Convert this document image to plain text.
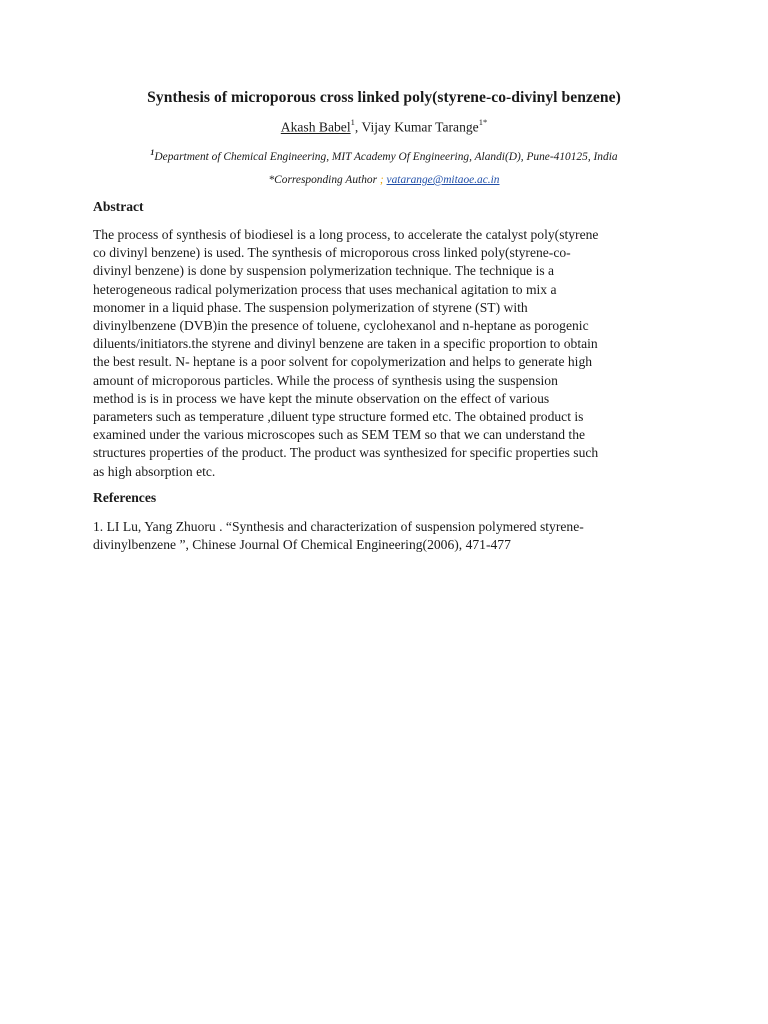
Synthesis of microporous cross linked poly(styrene-co-divinyl benzene)
Akash Babel$^1$, Vijay Kumar Tarange$^{1*}$
$^1$Department of Chemical Engineering, MIT Academy Of Engineering, Alandi(D), Pune-410125, India
*Corresponding Author ; vatarange@mitaoe.ac.in
Abstract
The process of synthesis of biodiesel is a long process, to accelerate the catalyst poly(styrene
co divinyl benzene) is used. The synthesis of microporous cross linked poly(styrene-co-
divinyl benzene) is done by suspension polymerization technique. The technique is a
heterogeneous radical polymerization process that uses mechanical agitation to mix a
monomer in a liquid phase. The suspension polymerization of styrene (ST) with
divinylbenzene (DVB)in the presence of toluene, cyclohexanol and n-heptane as porogenic
diluents/initiators.the styrene and divinyl benzene are taken in a specific proportion to obtain
the best result. N- heptane is a poor solvent for copolymerization and helps to generate high
amount of microporous particles. While the process of synthesis using the suspension
method is is in process we have kept the minute observation on the effect of various
parameters such as temperature ,diluent type structure formed etc. The obtained product is
examined under the various microscopes such as SEM TEM so that we can understand the
structures properties of the product. The product was synthesized for specific properties such
as high absorption etc.
References
1. LI Lu, Yang Zhuoru . “Synthesis and characterization of suspension polymered styrene-
divinylbenzene ”, Chinese Journal Of Chemical Engineering(2006), 471-477
